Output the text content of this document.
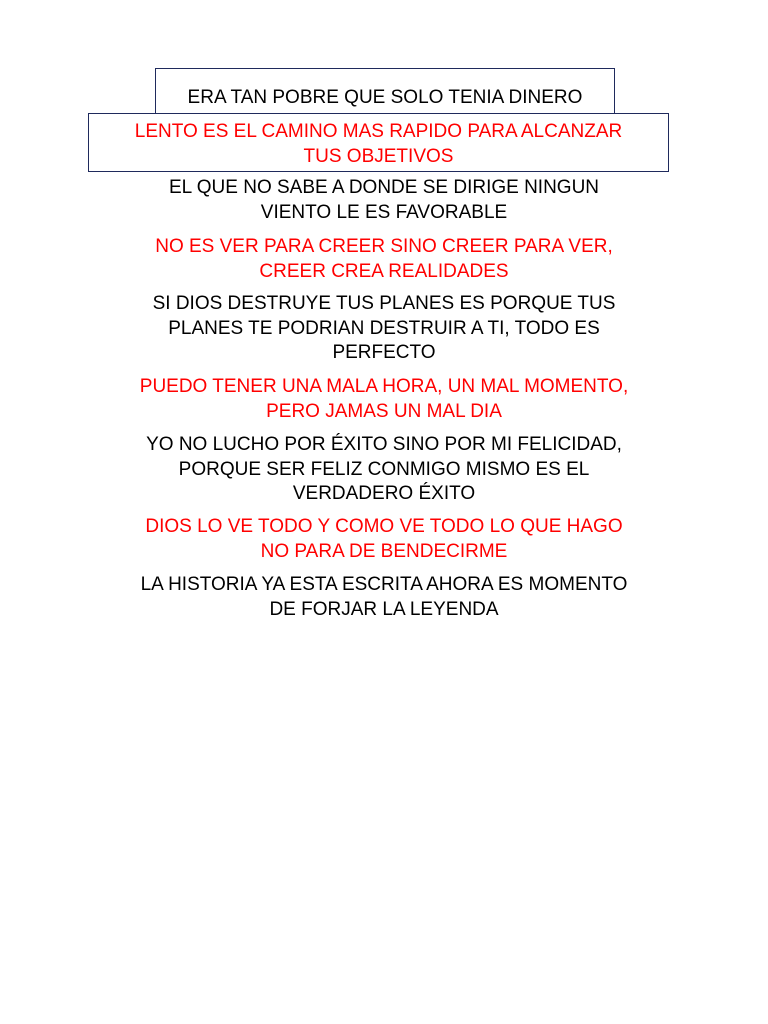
ERA TAN POBRE QUE SOLO TENIA DINERO
LENTO ES EL CAMINO MAS RAPIDO PARA ALCANZAR
TUS OBJETIVOS
EL QUE NO SABE A DONDE SE DIRIGE NINGUN
VIENTO LE ES FAVORABLE
NO ES VER PARA CREER SINO CREER PARA VER,
CREER CREA REALIDADES
SI DIOS DESTRUYE TUS PLANES ES PORQUE TUS
PLANES TE PODRIAN DESTRUIR A TI, TODO ES
PERFECTO
PUEDO TENER UNA MALA HORA, UN MAL MOMENTO,
PERO JAMAS UN MAL DIA
YO NO LUCHO POR ÉXITO SINO POR MI FELICIDAD,
PORQUE SER FELIZ CONMIGO MISMO ES EL
VERDADERO ÉXITO
DIOS LO VE TODO Y COMO VE TODO LO QUE HAGO
NO PARA DE BENDECIRME
LA HISTORIA YA ESTA ESCRITA AHORA ES MOMENTO
DE FORJAR LA LEYENDA
